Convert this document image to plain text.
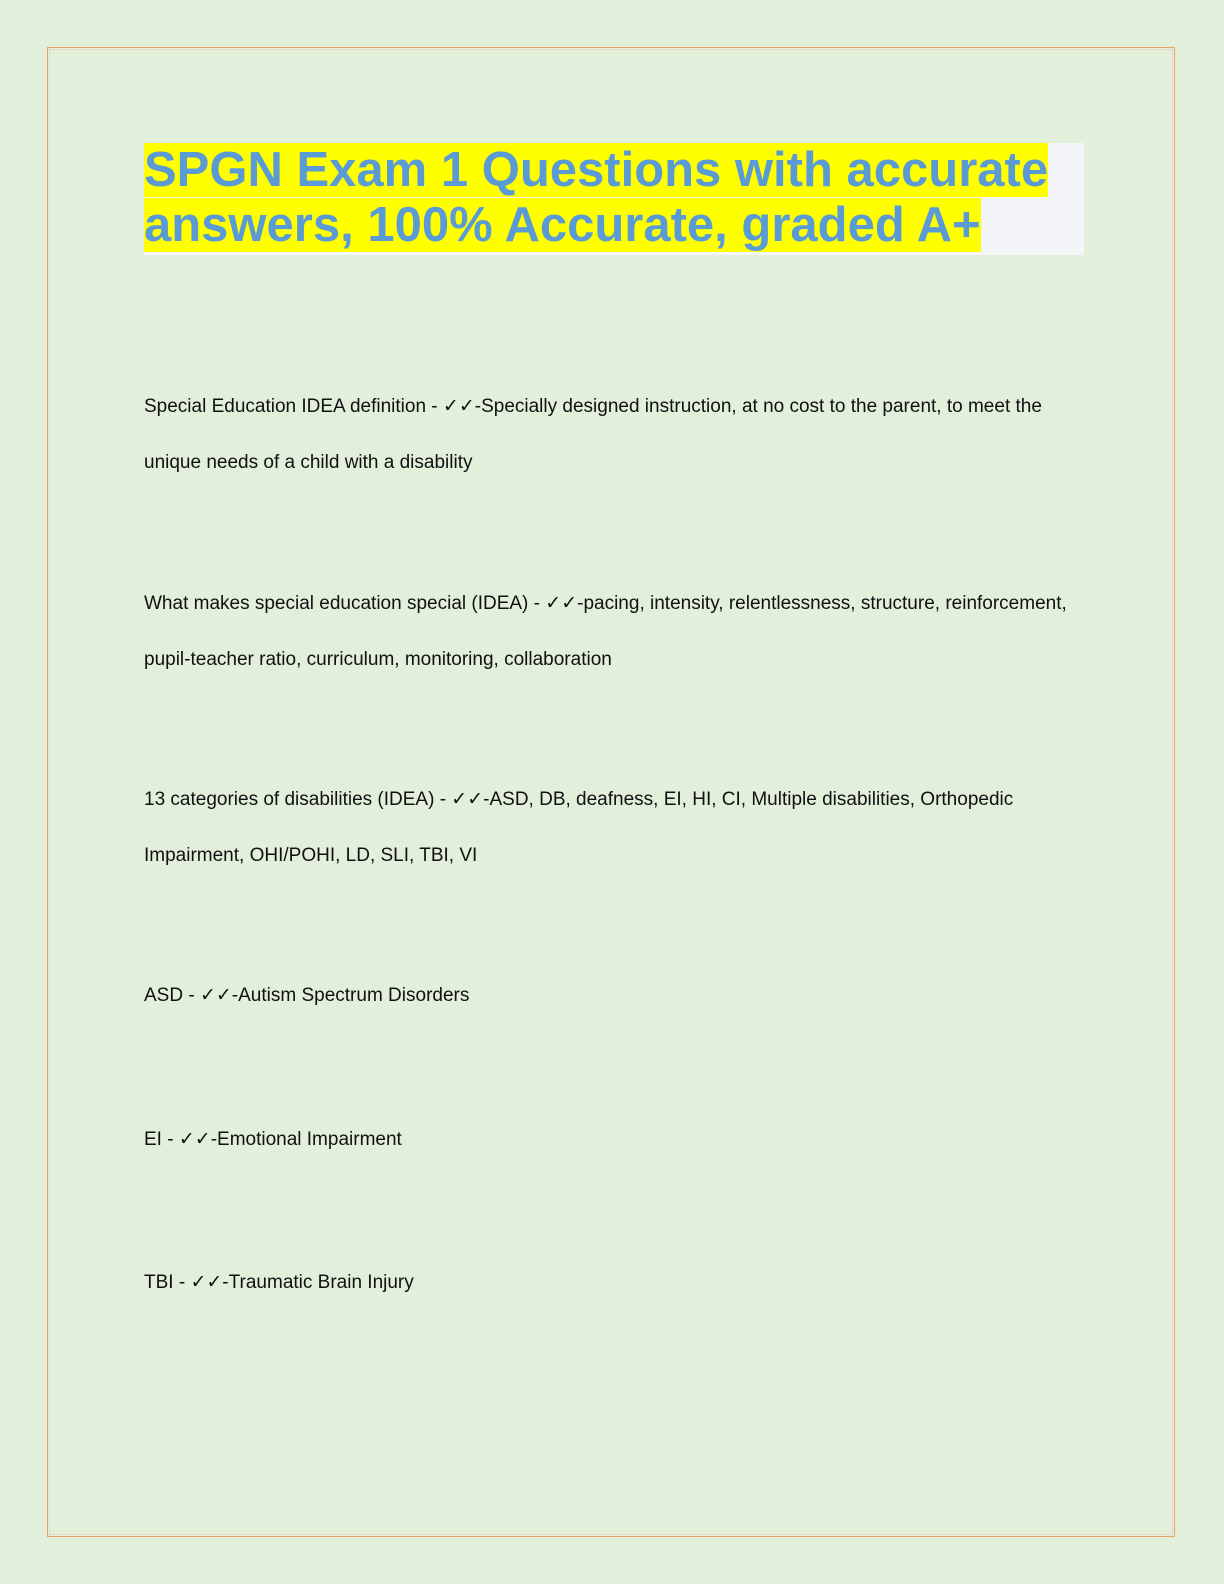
SPGN Exam 1 Questions with accurate answers, 100% Accurate, graded A+

Special Education IDEA definition - ✓✓-Specially designed instruction, at no cost to the parent, to meet the unique needs of a child with a disability

What makes special education special (IDEA) - ✓✓-pacing, intensity, relentlessness, structure, reinforcement, pupil-teacher ratio, curriculum, monitoring, collaboration

13 categories of disabilities (IDEA) - ✓✓-ASD, DB, deafness, EI, HI, CI, Multiple disabilities, Orthopedic Impairment, OHI/POHI, LD, SLI, TBI, VI

ASD - ✓✓-Autism Spectrum Disorders

EI - ✓✓-Emotional Impairment

TBI - ✓✓-Traumatic Brain Injury
